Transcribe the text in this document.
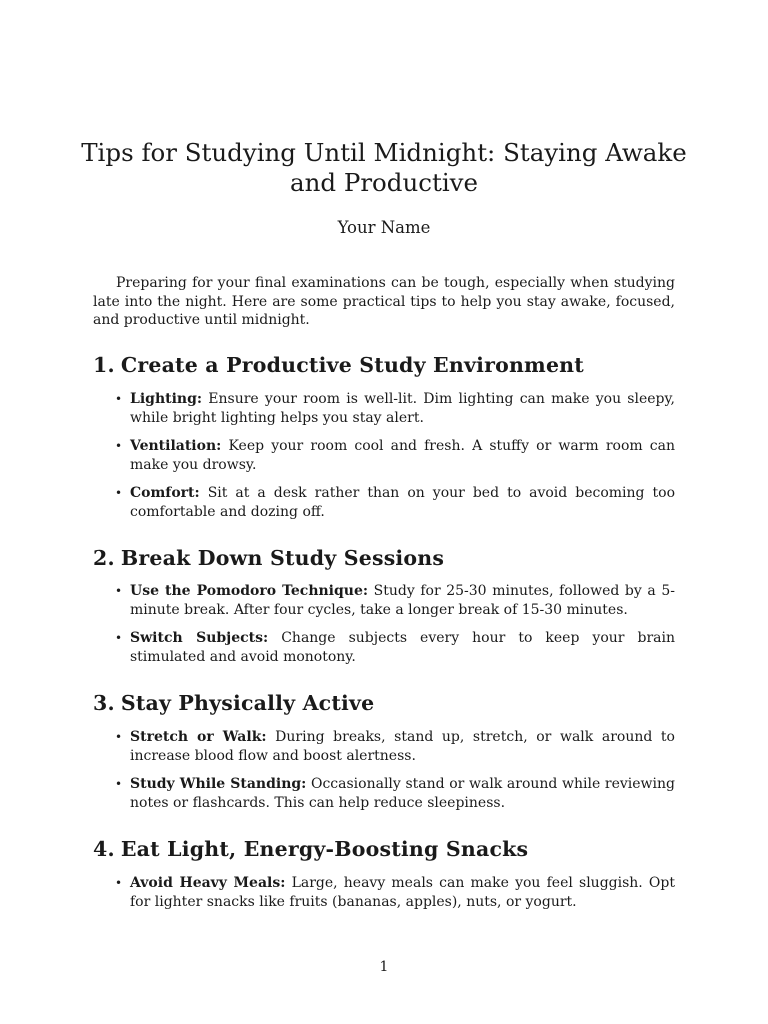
Tips for Studying Until Midnight: Staying Awake and Productive
Your Name

Preparing for your final examinations can be tough, especially when studying late into the night. Here are some practical tips to help you stay awake, focused, and productive until midnight.

1. Create a Productive Study Environment
• Lighting: Ensure your room is well-lit. Dim lighting can make you sleepy, while bright lighting helps you stay alert.
• Ventilation: Keep your room cool and fresh. A stuffy or warm room can make you drowsy.
• Comfort: Sit at a desk rather than on your bed to avoid becoming too comfortable and dozing off.
2. Break Down Study Sessions
• Use the Pomodoro Technique: Study for 25-30 minutes, followed by a 5-minute break. After four cycles, take a longer break of 15-30 minutes.
• Switch Subjects: Change subjects every hour to keep your brain stimulated and avoid monotony.
3. Stay Physically Active
• Stretch or Walk: During breaks, stand up, stretch, or walk around to increase blood flow and boost alertness.
• Study While Standing: Occasionally stand or walk around while reviewing notes or flashcards. This can help reduce sleepiness.
4. Eat Light, Energy-Boosting Snacks
• Avoid Heavy Meals: Large, heavy meals can make you feel sluggish. Opt for lighter snacks like fruits (bananas, apples), nuts, or yogurt.
1
